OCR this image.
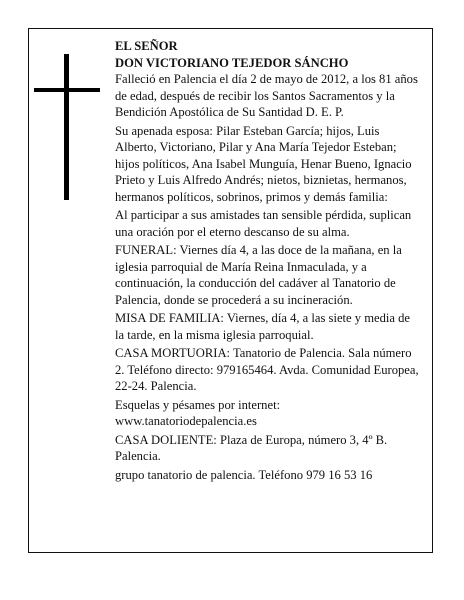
EL SEÑOR
DON VICTORIANO TEJEDOR SÁNCHO

Falleció en Palencia el día 2 de mayo de 2012, a los 81 años de edad, después de recibir los Santos Sacramentos y la Bendición Apostólica de Su Santidad D. E. P.

Su apenada esposa: Pilar Esteban García; hijos, Luis Alberto, Victoriano, Pilar y Ana María Tejedor Esteban; hijos políticos, Ana Isabel Munguía, Henar Bueno, Ignacio Prieto y Luis Alfredo Andrés; nietos, biznietas, hermanos, hermanos políticos, sobrinos, primos y demás familia:

Al participar a sus amistades tan sensible pérdida, suplican una oración por el eterno descanso de su alma.

FUNERAL: Viernes día 4, a las doce de la mañana, en la iglesia parroquial de María Reina Inmaculada, y a continuación, la conducción del cadáver al Tanatorio de Palencia, donde se procederá a su incineración.

MISA DE FAMILIA: Viernes, día 4, a las siete y media de la tarde, en la misma iglesia parroquial.

CASA MORTUORIA: Tanatorio de Palencia. Sala número 2. Teléfono directo: 979165464. Avda. Comunidad Europea, 22-24. Palencia.

Esquelas y pésames por internet: www.tanatoriodepalencia.es

CASA DOLIENTE: Plaza de Europa, número 3, 4º B. Palencia.

grupo tanatorio de palencia. Teléfono 979 16 53 16
